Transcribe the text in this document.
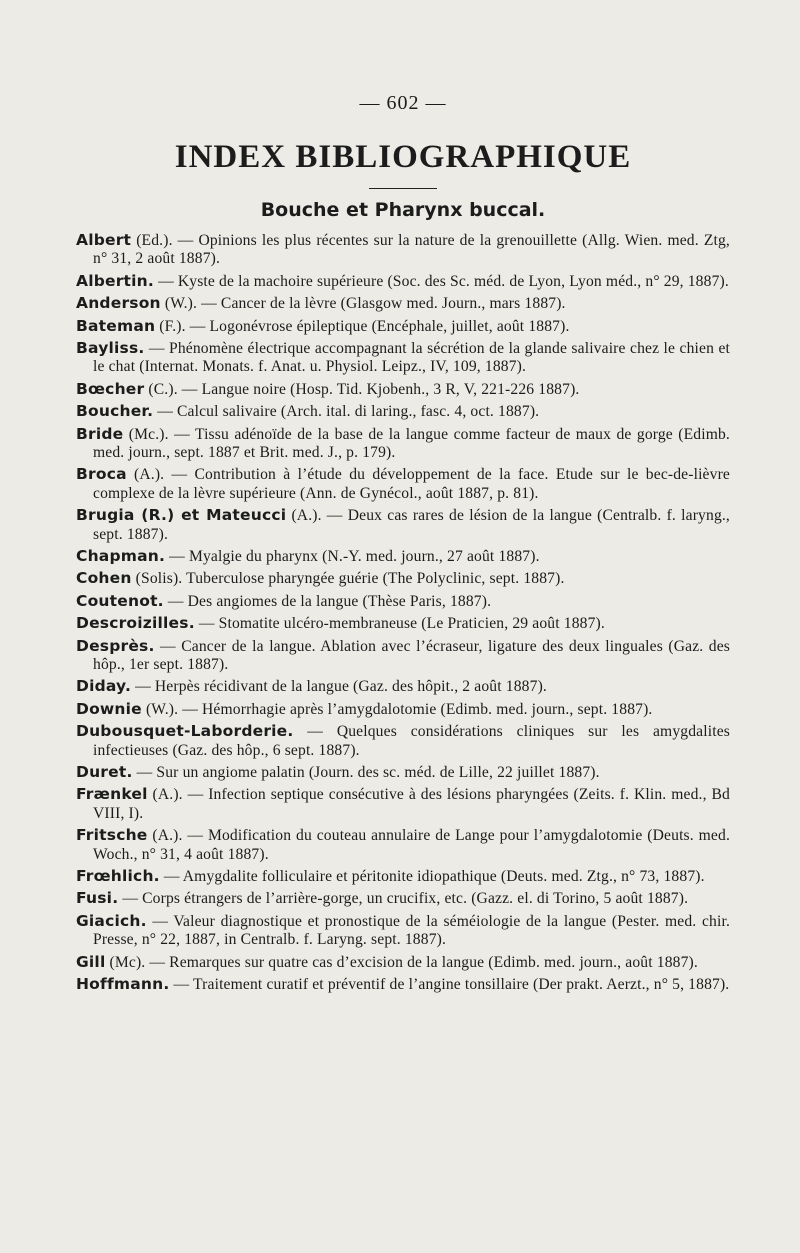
— 602 —
INDEX BIBLIOGRAPHIQUE
Bouche et Pharynx buccal.
Albert (Ed.). — Opinions les plus récentes sur la nature de la grenouillette (Allg. Wien. med. Ztg, n° 31, 2 août 1887).
Albertin. — Kyste de la machoire supérieure (Soc. des Sc. méd. de Lyon, Lyon méd., n° 29, 1887).
Anderson (W.). — Cancer de la lèvre (Glasgow med. Journ., mars 1887).
Bateman (F.). — Logonévrose épileptique (Encéphale, juillet, août 1887).
Bayliss. — Phénomène électrique accompagnant la sécrétion de la glande salivaire chez le chien et le chat (Internat. Monats. f. Anat. u. Physiol. Leipz., IV, 109, 1887).
Bœcher (C.). — Langue noire (Hosp. Tid. Kjobenh., 3 R, V, 221-226 1887).
Boucher. — Calcul salivaire (Arch. ital. di laring., fasc. 4, oct. 1887).
Bride (Mc.). — Tissu adénoïde de la base de la langue comme facteur de maux de gorge (Edimb. med. journ., sept. 1887 et Brit. med. J., p. 179).
Broca (A.). — Contribution à l’étude du développement de la face. Etude sur le bec-de-lièvre complexe de la lèvre supérieure (Ann. de Gynécol., août 1887, p. 81).
Brugia (R.) et Mateucci (A.). — Deux cas rares de lésion de la langue (Centralb. f. laryng., sept. 1887).
Chapman. — Myalgie du pharynx (N.-Y. med. journ., 27 août 1887).
Cohen (Solis). Tuberculose pharyngée guérie (The Polyclinic, sept. 1887).
Coutenot. — Des angiomes de la langue (Thèse Paris, 1887).
Descroizilles. — Stomatite ulcéro-membraneuse (Le Praticien, 29 août 1887).
Desprès. — Cancer de la langue. Ablation avec l’écraseur, ligature des deux linguales (Gaz. des hôp., 1er sept. 1887).
Diday. — Herpès récidivant de la langue (Gaz. des hôpit., 2 août 1887).
Downie (W.). — Hémorrhagie après l’amygdalotomie (Edimb. med. journ., sept. 1887).
Dubousquet-Laborderie. — Quelques considérations cliniques sur les amygdalites infectieuses (Gaz. des hôp., 6 sept. 1887).
Duret. — Sur un angiome palatin (Journ. des sc. méd. de Lille, 22 juillet 1887).
Frænkel (A.). — Infection septique consécutive à des lésions pharyngées (Zeits. f. Klin. med., Bd VIII, I).
Fritsche (A.). — Modification du couteau annulaire de Lange pour l’amygdalotomie (Deuts. med. Woch., n° 31, 4 août 1887).
Frœhlich. — Amygdalite folliculaire et péritonite idiopathique (Deuts. med. Ztg., n° 73, 1887).
Fusi. — Corps étrangers de l’arrière-gorge, un crucifix, etc. (Gazz. el. di Torino, 5 août 1887).
Giacich. — Valeur diagnostique et pronostique de la séméiologie de la langue (Pester. med. chir. Presse, n° 22, 1887, in Centralb. f. Laryng. sept. 1887).
Gill (Mc). — Remarques sur quatre cas d’excision de la langue (Edimb. med. journ., août 1887).
Hoffmann. — Traitement curatif et préventif de l’angine tonsillaire (Der prakt. Aerzt., n° 5, 1887).
